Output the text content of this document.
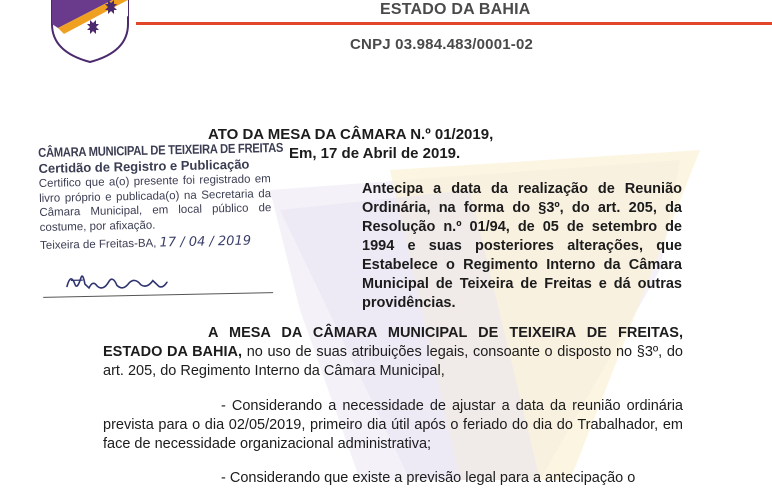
ESTADO DA BAHIA
CNPJ 03.984.483/0001-02
ATO DA MESA DA CÂMARA N.º 01/2019,
Em, 17 de Abril de 2019.
Antecipa a data da realização de Reunião Ordinária, na forma do §3º, do art. 205, da Resolução n.º 01/94, de 05 de setembro de 1994 e suas posteriores alterações, que Estabelece o Regimento Interno da Câmara Municipal de Teixeira de Freitas e dá outras providências.
CÂMARA MUNICIPAL DE TEIXEIRA DE FREITAS
Certidão de Registro e Publicação
Certifico que a(o) presente foi registrado em livro próprio e publicada(o) na Secretaria da Câmara Municipal, em local público de costume, por afixação.
Teixeira de Freitas-BA, 17 / 04 / 2019

A MESA DA CÂMARA MUNICIPAL DE TEIXEIRA DE FREITAS, ESTADO DA BAHIA, no uso de suas atribuições legais, consoante o disposto no §3º, do art. 205, do Regimento Interno da Câmara Municipal,

- Considerando a necessidade de ajustar a data da reunião ordinária prevista para o dia 02/05/2019, primeiro dia útil após o feriado do dia do Trabalhador, em face de necessidade organizacional administrativa;

- Considerando que existe a previsão legal para a antecipação o
